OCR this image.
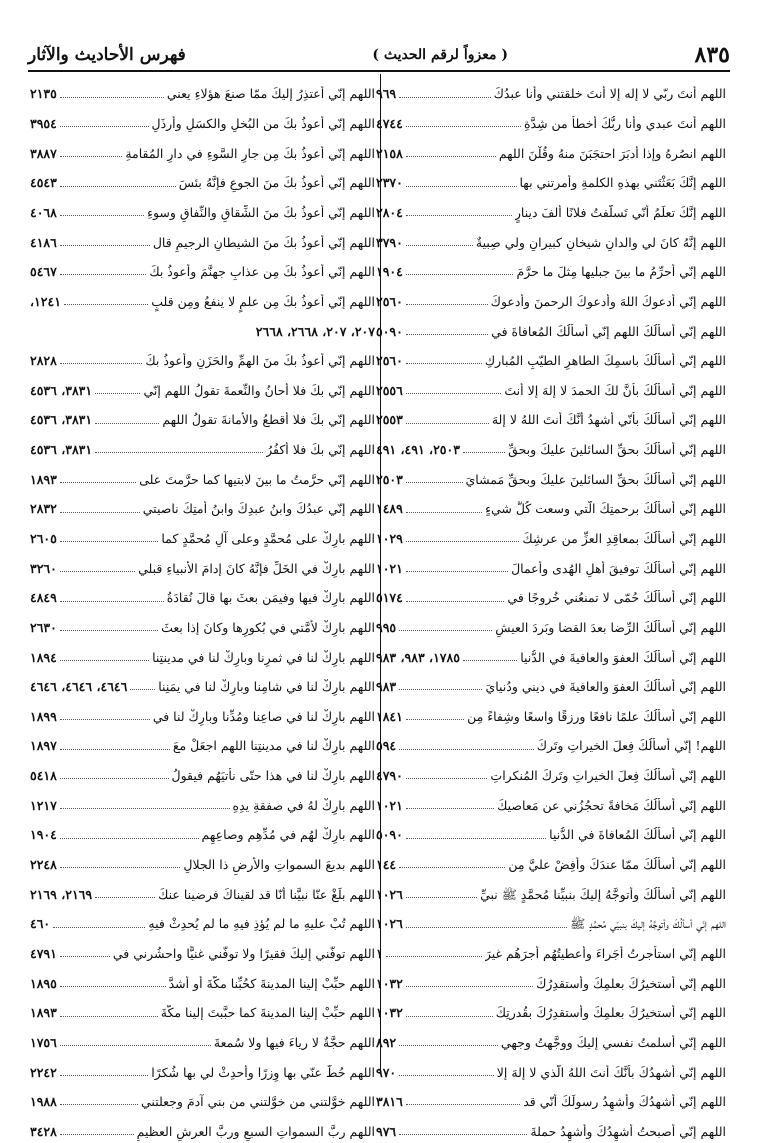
٨٣٥
( معزواً لرقم الحديث )
فهرس الأحاديث والآثار
اللهم أنتَ ربّي لا إله إلا أنتَ خلقتني وأنا عبدُكَ
٩٦٩
اللهم أنتَ عبدي وأنا ربُّكَ أخطأ من شِدَّةِ
٤٧٤٤
اللهم انصُرهُ وإذا أدبَرَ احتجَبَنَ منهُ وقُلْنَ اللهم
٢١٥٨
اللهم إنَّكَ بَعَثْتَني بهذهِ الكلمةِ وأمرتني بها
٢٣٧٠
اللهم إنَّكَ تعلَمُ أنّي تَسلَّفتُ فلانًا ألفَ دينارٍ
٢٨٠٤
اللهم إنَّهُ كانَ لي والدانِ شيخانِ كبيرانِ ولي صِبيةٌ
٣٧٩٠
اللهم إنّي أُحرِّمُ ما بينَ جبليها مِثلَ ما حرَّمَ
١٩٠٤
اللهم إنّي أدعوكَ اللهَ وأدعوكَ الرحمنَ وأدعوكَ
٢٥٦٠
اللهم إنّي أسألُكَ اللهم إنّي أسألُكَ المُعافاةَ في
٥٠٩٠
اللهم إنّي أسألُكَ باسمِكَ الطاهرِ الطيّبِ المُباركِ
٢٥٦٠
اللهم إنّي أسألُكَ بأنَّ لكَ الحمدَ لا إلهَ إلا أنتَ
٢٥٥٦
اللهم إنّي أسألُكَ بأنّي أشهدُ أنَّكَ أنتَ اللهُ لا إلهَ
٢٥٥٣
اللهم إنّي أسألُكَ بحقِّ السائلينَ عليكَ وبحقِّ
٢٥٠٣، ٤٩١، ٤٩١
اللهم إنّي أسألُكَ بحقِّ السائلينَ عليكَ وبحقِّ مَمشايَ
٢٥٠٣
اللهم إنّي أسألُكَ برحمتِكَ الّتي وسعت كُلَّ شيءٍ
١٤٨٩
اللهم إنّي أسألُكَ بمعاقِدِ العزِّ من عرشِكَ
١٠٢٩
اللهم إنّي أسألُكَ توفيقَ أهلِ الهُدى وأعمالَ
١٠٢١
اللهم إنّي أسألُكَ حُمّى لا تمنعُني خُروجًا في
٥١٧٤
اللهم إنّي أسألُكَ الرِّضا بعدَ القضا وبَردَ العيشِ
٩٩٥
اللهم إنّي أسألُكَ العفوَ والعافيةَ في الدُّنيا
١٧٨٥، ٩٨٣، ٩٨٣
اللهم إنّي أسألُكَ العفوَ والعافيةَ في ديني ودُنيايَ
٩٨٣
اللهم إنّي أسألُكَ علمًا نافعًا ورزقًا واسعًا وشِفاءً مِن
١٨٤١
اللهم! إنّي أسألُكَ فِعلَ الخيراتِ وتَركَ
٥٩٤
اللهم إنّي أسألُكَ فِعلَ الخيراتِ وتَركَ المُنكراتِ
٤٧٩٠
اللهم إنّي أسألُكَ مَخافةً تحجُزُني عن مَعاصيكَ
١٠٢١
اللهم إنّي أسألُكَ المُعافاةَ في الدُّنيا
٥٠٩٠
اللهم إنّي أسألُكَ ممّا عندَكَ وأفِضْ عليَّ مِن
١٤٤
اللهم إنّي أسألُكَ وأتوجَّهُ إليكَ بنبيِّنا مُحمَّدٍ ﷺ نبيِّ
١٠٢٦
اللهم إنّي أسألُكَ وأتوجَّهُ إليكَ بنبيّي مُحمَّدٍ ﷺ
١٠٢٦
اللهم إنّي استأجرتُ أُجَراءَ وأعطيتُهُم أجرَهُم غيرَ
١
اللهم إنّي أستخيرُكَ بعلمِكَ وأستقدِرُكَ
١٠٣٢
اللهم إنّي أستخيرُكَ بعلمِكَ وأستقدِرُكَ بقُدرتِكَ
١٠٣٢
اللهم إنّي أسلمتُ نفسي إليكَ ووجَّهتُ وجهي
٨٩٢
اللهم إنّي أشهدُكَ بأنَّكَ أنتَ اللهُ الّذي لا إلهَ إلا
٩٧٠
اللهم إنّي أشهدُكَ وأُشهِدُ رسولَكَ أنّي قد
٣٨١٦
اللهم إنّي أصبحتُ أُشهِدُكَ وأُشهِدُ حملةَ
٩٧٦
اللهم إنّي أعتذِرُ إليكَ ممّا صنعَ هؤلاءِ يعني
٢١٣٥
اللهم إنّي أعوذُ بكَ من البُخلِ والكسَلِ وأرذَلِ
٣٩٥٤
اللهم إنّي أعوذُ بكَ مِن جارِ السَّوءِ في دارِ المُقامةِ
٣٨٨٧
اللهم إنّي أعوذُ بكَ منَ الجوعِ فإنَّهُ بئسَ
٤٥٤٣
اللهم إنّي أعوذُ بكَ منَ الشِّقاقِ والنِّفاقِ وسوءِ
٤٠٦٨
اللهم إنّي أعوذُ بكَ منَ الشيطانِ الرجيمِ قال
٤١٨٦
اللهم إنّي أعوذُ بكَ مِن عذابِ جهنَّمَ وأعوذُ بكَ
٥٤٦٧
اللهم إنّي أعوذُ بكَ مِن علمٍ لا ينفعُ ومِن قلبٍ
١٢٤١،
٢٠٧، ٢٠٧، ٢٦٦٨، ٢٦٦٨
اللهم إنّي أعوذُ بكَ منَ الهمِّ والحَزَنِ وأعوذُ بكَ
٢٨٢٨
اللهم إنّي بكَ فلا أُحانُ والنِّعمةَ تقولُ اللهم إنّي
٣٨٣١، ٤٥٣٦
اللهم إنّي بكَ فلا أُقطعُ والأمانةَ تقولُ اللهم
٣٨٣١، ٤٥٣٦
اللهم إنّي بكَ فلا أكفُرُ
٣٨٣١، ٤٥٣٦
اللهم إنّي حرَّمتُ ما بينَ لابتيها كما حرَّمتَ على
١٨٩٣
اللهم إنّي عبدُكَ وابنُ عبدِكَ وابنُ أمتِكَ ناصيتي
٢٨٣٢
اللهم بارِكْ على مُحمَّدٍ وعلى آلِ مُحمَّدٍ كما
٢٦٠٥
اللهم بارِكْ في الخَلِّ فإنَّهُ كانَ إدامَ الأنبياءِ قبلي
٣٢٦٠
اللهم بارِكْ فيها وفيمَن بعثَ بها قالَ نُقادَةُ
٤٨٤٩
اللهم بارِكْ لأُمَّتي في بُكورِها وكانَ إذا بعثَ
٢٦٣٠
اللهم بارِكْ لنا في ثمرِنا وبارِكْ لنا في مدينتِنا
١٨٩٤
اللهم بارِكْ لنا في شامِنا وبارِكْ لنا في يمَنِنا
٤٦٤٦، ٤٦٤٦، ٤٦٤٦
اللهم بارِكْ لنا في صاعِنا ومُدِّنا وبارِكْ لنا في
١٨٩٩
اللهم بارِكْ لنا في مدينتِنا اللهم اجعَلْ معَ
١٨٩٧
اللهم بارِكْ لنا في هذا حتّى نأتيَهُم فيقولُ
٥٤١٨
اللهم بارِكْ لهُ في صفقةِ يدِهِ
١٢١٧
اللهم بارِكْ لهُم في مُدِّهِم وصاعِهِم
١٩٠٤
اللهم بديعَ السمواتِ والأرضِ ذا الجلالِ
٢٢٤٨
اللهم بلِّغْ عنّا نبيَّنا أنّا قد لقيناكَ فرضينا عنكَ
٢١٦٩، ٢١٦٩
اللهم تُبْ عليهِ ما لم يُؤذِ فيهِ ما لم يُحدِثْ فيهِ
٤٦٠
اللهم توفَّني إليكَ فقيرًا ولا توفَّني غنيًّا واحشُرني في
٤٧٩١
اللهم حبِّبْ إلينا المدينةَ كحُبِّنا مكّةَ أو أشدَّ
١٨٩٥
اللهم حبِّبْ إلينا المدينةَ كما حبَّبتَ إلينا مكّةَ
١٨٩٣
اللهم حجَّةٌ لا رياءَ فيها ولا سُمعةَ
١٧٥٦
اللهم حُطَّ عنّي بها وِزرًا وأحدِثْ لي بها شُكرًا
٢٢٤٢
اللهم خوَّلتني من خوَّلتني من بني آدمَ وجعلتني
١٩٨٨
اللهم ربَّ السمواتِ السبعِ وربَّ العرشِ العظيمِ
٣٤٢٨
